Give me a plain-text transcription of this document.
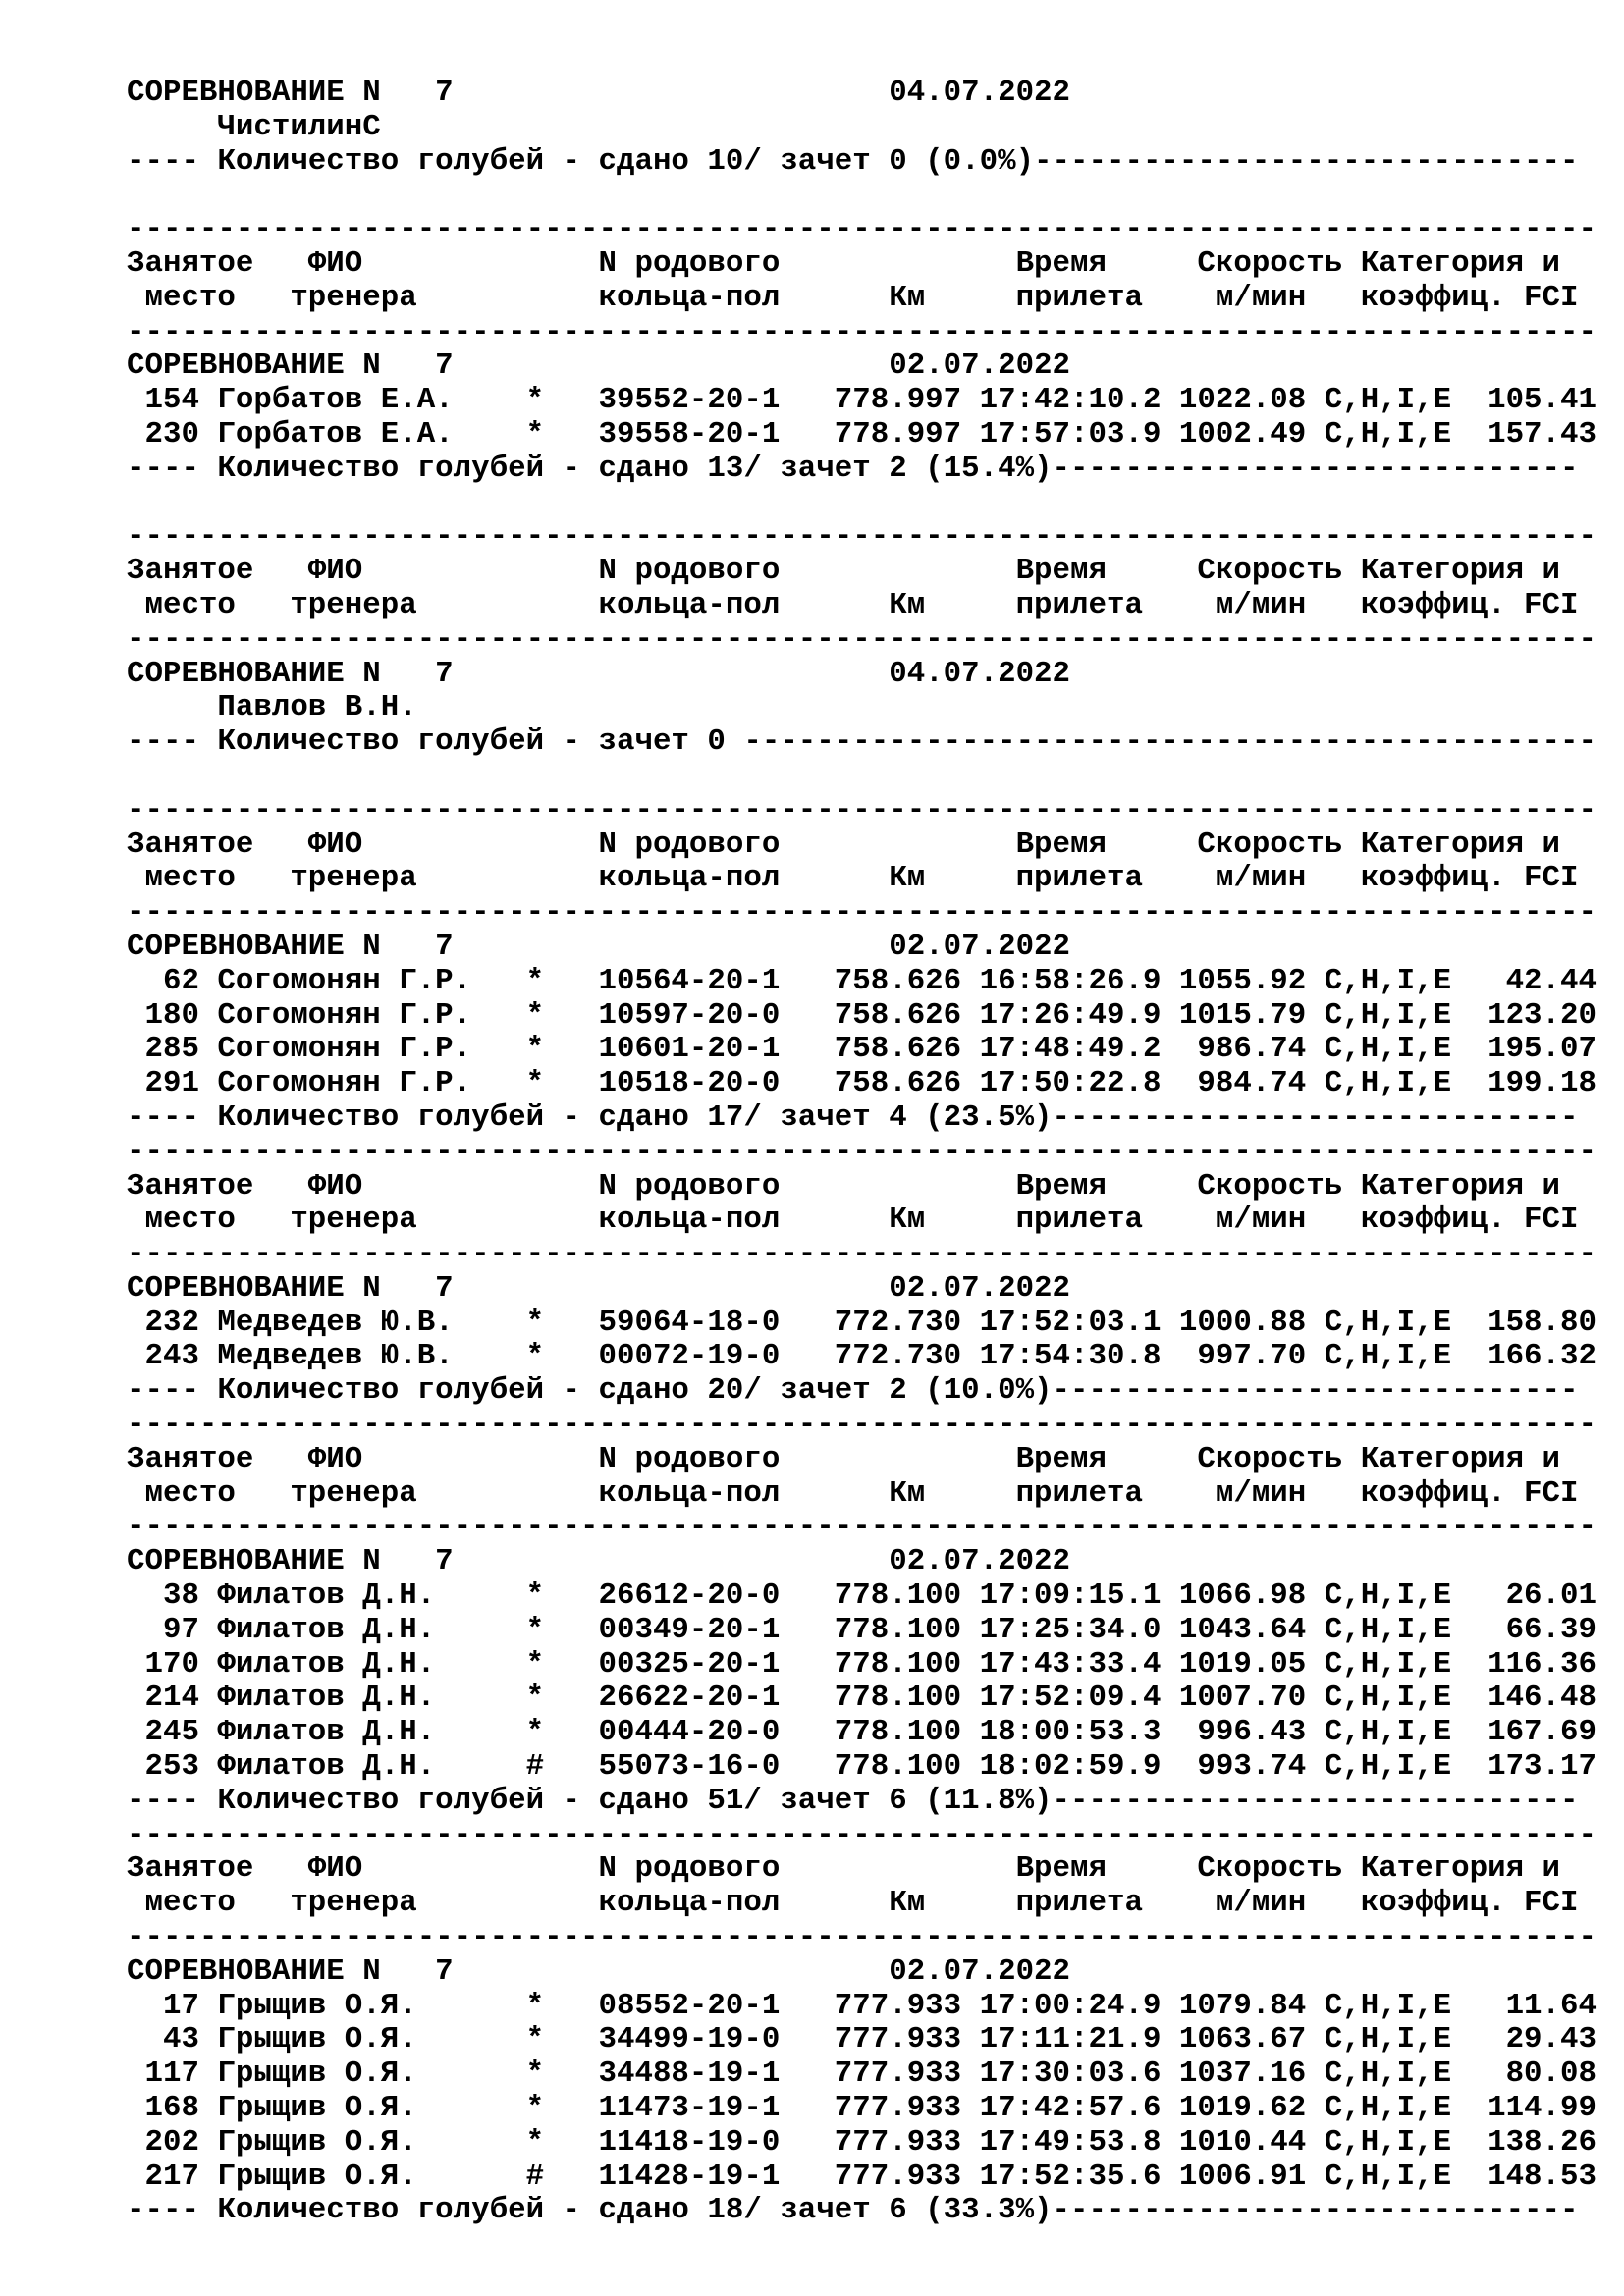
СОРЕВНОВАНИЕ N   7                        04.07.2022
ЧистилинС
---- Количество голубей - сдано 10/ зачет 0 (0.0%)------------------------------
---------------------------------------------------------------------------------
Занятое   ФИО             N родового             Время     Скорость Категория и
место   тренера          кольца-пол      Км     прилета    м/мин   коэффиц. FCI
---------------------------------------------------------------------------------
СОРЕВНОВАНИЕ N   7                        02.07.2022
154 Горбатов Е.А.    *   39552-20-1   778.997 17:42:10.2 1022.08 C,H,I,E  105.41
230 Горбатов Е.А.    *   39558-20-1   778.997 17:57:03.9 1002.49 C,H,I,E  157.43
---- Количество голубей - сдано 13/ зачет 2 (15.4%)-----------------------------
---------------------------------------------------------------------------------
Занятое   ФИО             N родового             Время     Скорость Категория и
место   тренера          кольца-пол      Км     прилета    м/мин   коэффиц. FCI
---------------------------------------------------------------------------------
СОРЕВНОВАНИЕ N   7                        04.07.2022
Павлов В.Н.
---- Количество голубей - зачет 0 -----------------------------------------------
---------------------------------------------------------------------------------
Занятое   ФИО             N родового             Время     Скорость Категория и
место   тренера          кольца-пол      Км     прилета    м/мин   коэффиц. FCI
---------------------------------------------------------------------------------
СОРЕВНОВАНИЕ N   7                        02.07.2022
62 Согомонян Г.Р.   *   10564-20-1   758.626 16:58:26.9 1055.92 C,H,I,E   42.44
180 Согомонян Г.Р.   *   10597-20-0   758.626 17:26:49.9 1015.79 C,H,I,E  123.20
285 Согомонян Г.Р.   *   10601-20-1   758.626 17:48:49.2  986.74 C,H,I,E  195.07
291 Согомонян Г.Р.   *   10518-20-0   758.626 17:50:22.8  984.74 C,H,I,E  199.18
---- Количество голубей - сдано 17/ зачет 4 (23.5%)-----------------------------
---------------------------------------------------------------------------------
Занятое   ФИО             N родового             Время     Скорость Категория и
место   тренера          кольца-пол      Км     прилета    м/мин   коэффиц. FCI
---------------------------------------------------------------------------------
СОРЕВНОВАНИЕ N   7                        02.07.2022
232 Медведев Ю.В.    *   59064-18-0   772.730 17:52:03.1 1000.88 C,H,I,E  158.80
243 Медведев Ю.В.    *   00072-19-0   772.730 17:54:30.8  997.70 C,H,I,E  166.32
---- Количество голубей - сдано 20/ зачет 2 (10.0%)-----------------------------
---------------------------------------------------------------------------------
Занятое   ФИО             N родового             Время     Скорость Категория и
место   тренера          кольца-пол      Км     прилета    м/мин   коэффиц. FCI
---------------------------------------------------------------------------------
СОРЕВНОВАНИЕ N   7                        02.07.2022
38 Филатов Д.Н.     *   26612-20-0   778.100 17:09:15.1 1066.98 C,H,I,E   26.01
97 Филатов Д.Н.     *   00349-20-1   778.100 17:25:34.0 1043.64 C,H,I,E   66.39
170 Филатов Д.Н.     *   00325-20-1   778.100 17:43:33.4 1019.05 C,H,I,E  116.36
214 Филатов Д.Н.     *   26622-20-1   778.100 17:52:09.4 1007.70 C,H,I,E  146.48
245 Филатов Д.Н.     *   00444-20-0   778.100 18:00:53.3  996.43 C,H,I,E  167.69
253 Филатов Д.Н.     #   55073-16-0   778.100 18:02:59.9  993.74 C,H,I,E  173.17
---- Количество голубей - сдано 51/ зачет 6 (11.8%)-----------------------------
---------------------------------------------------------------------------------
Занятое   ФИО             N родового             Время     Скорость Категория и
место   тренера          кольца-пол      Км     прилета    м/мин   коэффиц. FCI
---------------------------------------------------------------------------------
СОРЕВНОВАНИЕ N   7                        02.07.2022
17 Грыщив О.Я.      *   08552-20-1   777.933 17:00:24.9 1079.84 C,H,I,E   11.64
43 Грыщив О.Я.      *   34499-19-0   777.933 17:11:21.9 1063.67 C,H,I,E   29.43
117 Грыщив О.Я.      *   34488-19-1   777.933 17:30:03.6 1037.16 C,H,I,E   80.08
168 Грыщив О.Я.      *   11473-19-1   777.933 17:42:57.6 1019.62 C,H,I,E  114.99
202 Грыщив О.Я.      *   11418-19-0   777.933 17:49:53.8 1010.44 C,H,I,E  138.26
217 Грыщив О.Я.      #   11428-19-1   777.933 17:52:35.6 1006.91 C,H,I,E  148.53
---- Количество голубей - сдано 18/ зачет 6 (33.3%)-----------------------------
